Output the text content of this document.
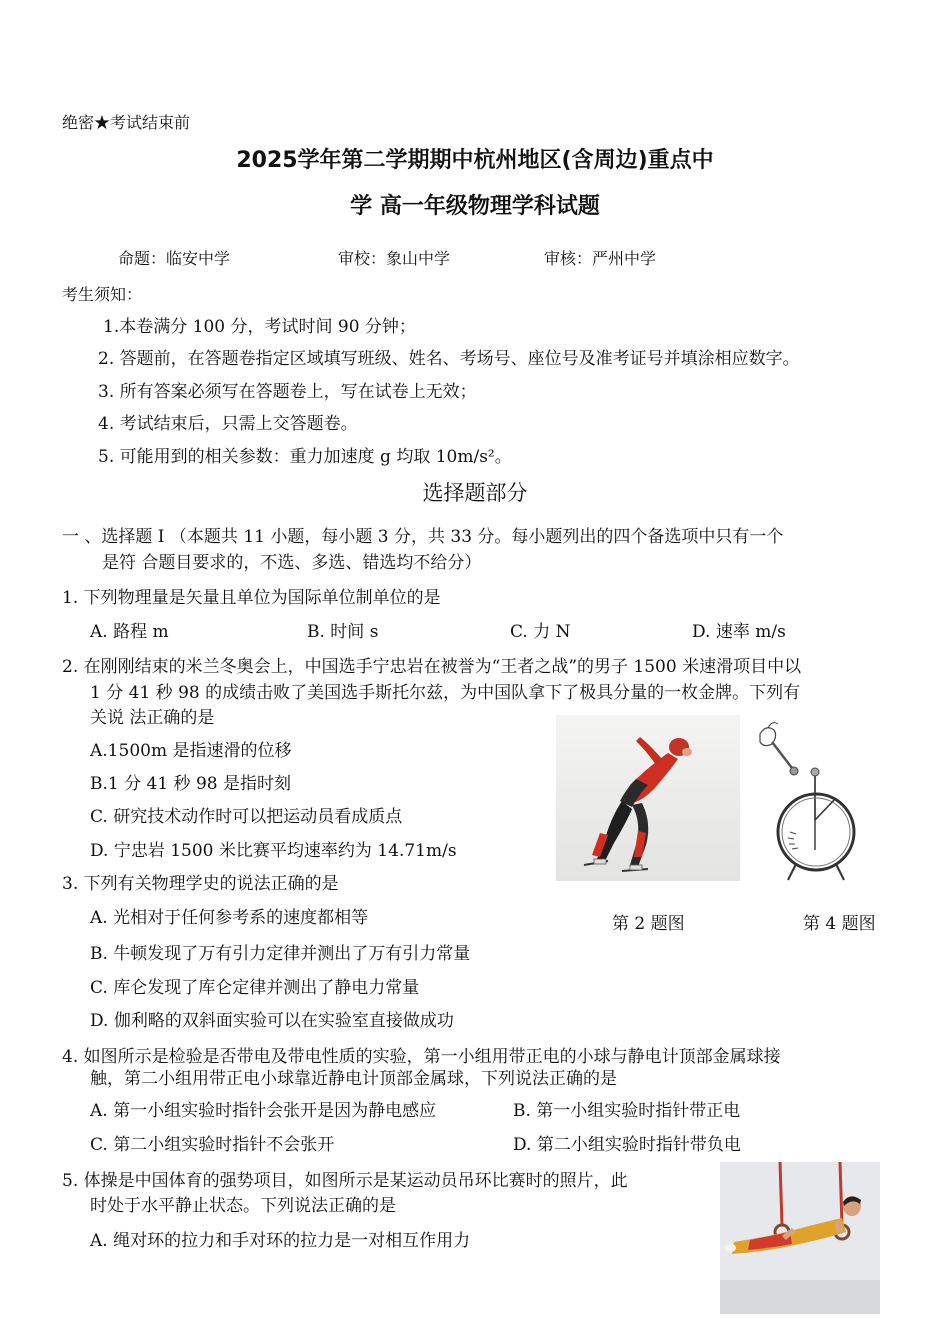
绝密★考试结束前
2025学年第二学期期中杭州地区(含周边)重点中
学 高一年级物理学科试题
命题：临安中学	审校：象山中学	审核：严州中学
考生须知：
1.本卷满分 100 分，考试时间 90 分钟；
2. 答题前，在答题卷指定区域填写班级、姓名、考场号、座位号及准考证号并填涂相应数字。
3. 所有答案必须写在答题卷上，写在试卷上无效；
4. 考试结束后，只需上交答题卷。
5. 可能用到的相关参数：重力加速度 g 均取 10m/s²。
选择题部分
一 、选择题 I （本题共 11 小题，每小题 3 分，共 33 分。每小题列出的四个备选项中只有一个
是符 合题目要求的，不选、多选、错选均不给分）
1. 下列物理量是矢量且单位为国际单位制单位的是
A. 路程 m	B. 时间 s	C. 力 N	D. 速率 m/s
2. 在刚刚结束的米兰冬奥会上，中国选手宁忠岩在被誉为“王者之战”的男子 1500 米速滑项目中以
1 分 41 秒 98 的成绩击败了美国选手斯托尔兹，为中国队拿下了极具分量的一枚金牌。下列有
关说 法正确的是
A.1500m 是指速滑的位移
B.1 分 41 秒 98 是指时刻
C. 研究技术动作时可以把运动员看成质点
D. 宁忠岩 1500 米比赛平均速率约为 14.71m/s
第 2 题图	第 4 题图
3. 下列有关物理学史的说法正确的是
A. 光相对于任何参考系的速度都相等
B. 牛顿发现了万有引力定律并测出了万有引力常量
C. 库仑发现了库仑定律并测出了静电力常量
D. 伽利略的双斜面实验可以在实验室直接做成功
4. 如图所示是检验是否带电及带电性质的实验，第一小组用带正电的小球与静电计顶部金属球接
触，第二小组用带正电小球靠近静电计顶部金属球，下列说法正确的是
A. 第一小组实验时指针会张开是因为静电感应	B. 第一小组实验时指针带正电
C. 第二小组实验时指针不会张开	D. 第二小组实验时指针带负电
5. 体操是中国体育的强势项目，如图所示是某运动员吊环比赛时的照片，此
时处于水平静止状态。下列说法正确的是
A. 绳对环的拉力和手对环的拉力是一对相互作用力
